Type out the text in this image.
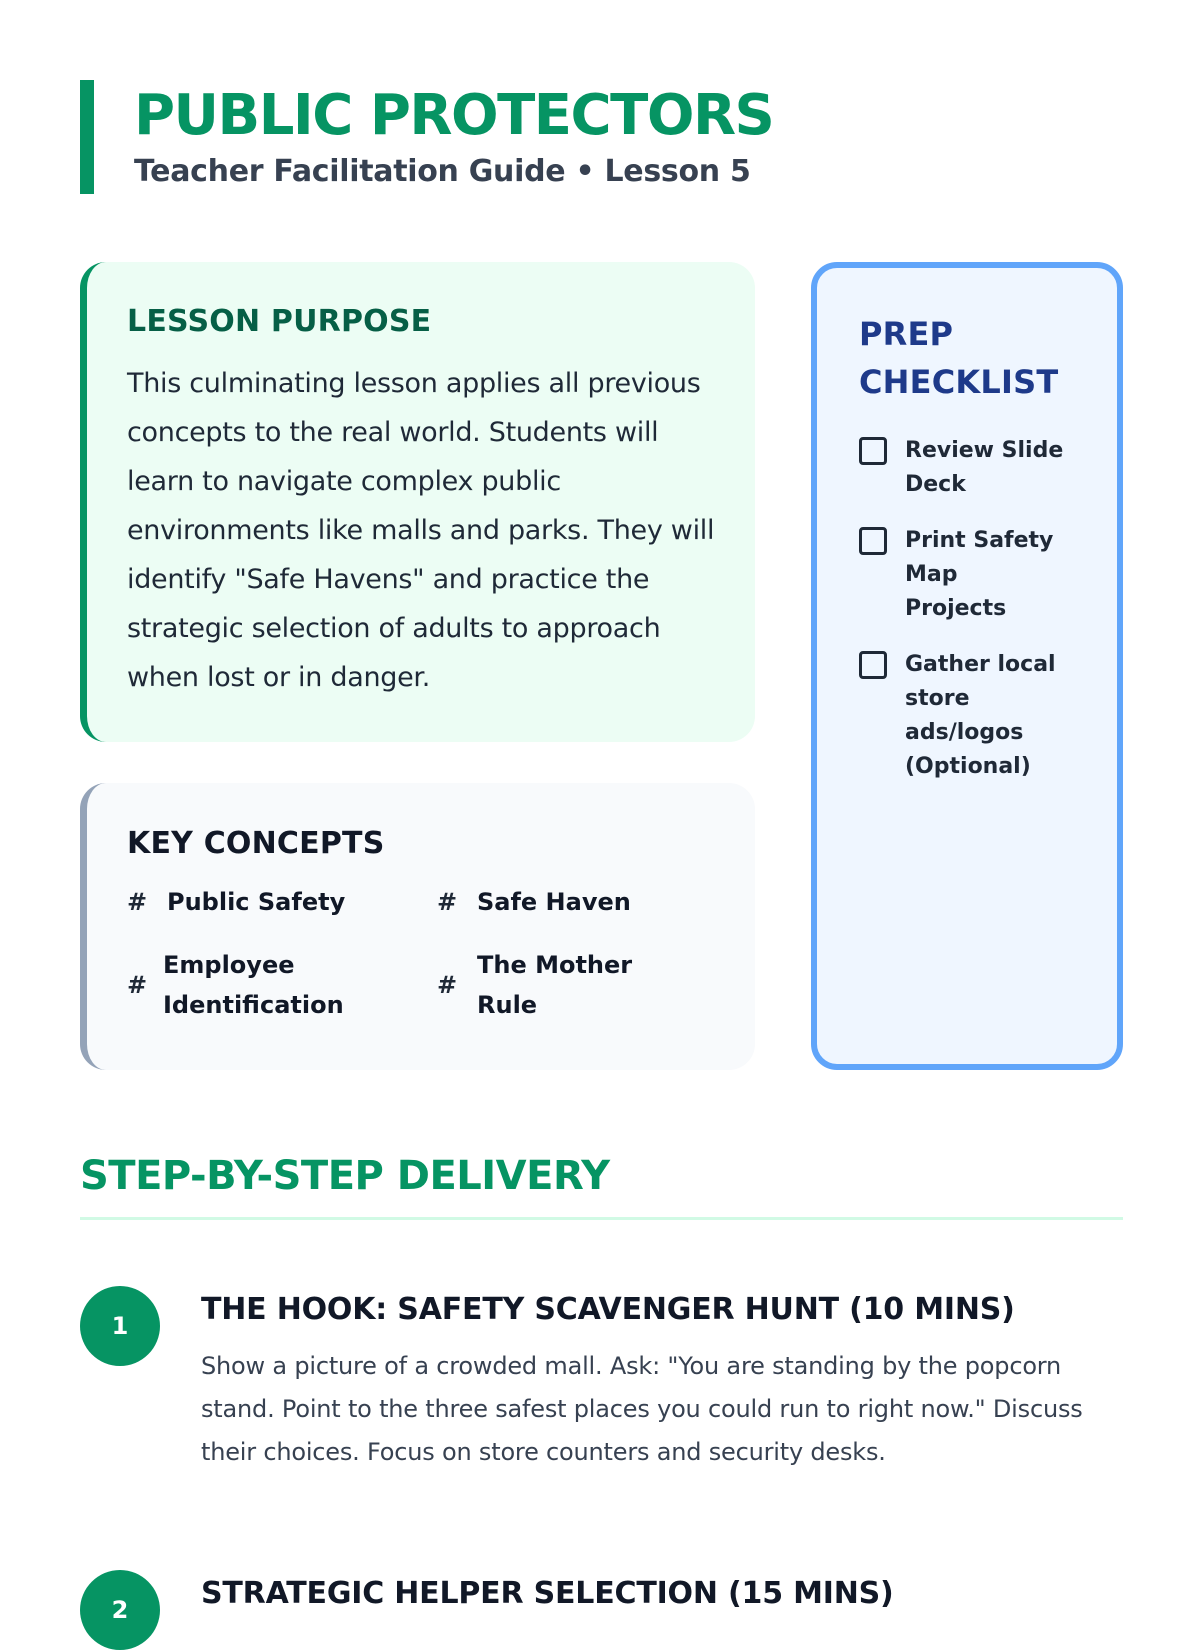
PUBLIC PROTECTORS
Teacher Facilitation Guide • Lesson 5
LESSON PURPOSE

This culminating lesson applies all previous concepts to the real world. Students will learn to navigate complex public environments like malls and parks. They will identify "Safe Havens" and practice the strategic selection of adults to approach when lost or in danger.

KEY CONCEPTS
# Public Safety	# Safe Haven
#
Employee Identification
#
The Mother Rule
PREP CHECKLIST
Review Slide Deck
Print Safety Map Projects
Gather local store ads/logos (Optional)
STEP-BY-STEP DELIVERY
1	THE HOOK: SAFETY SCAVENGER HUNT (10 MINS)

Show a picture of a crowded mall. Ask: "You are standing by the popcorn stand. Point to the three safest places you could run to right now." Discuss their choices. Focus on store counters and security desks.

2	STRATEGIC HELPER SELECTION (15 MINS)
